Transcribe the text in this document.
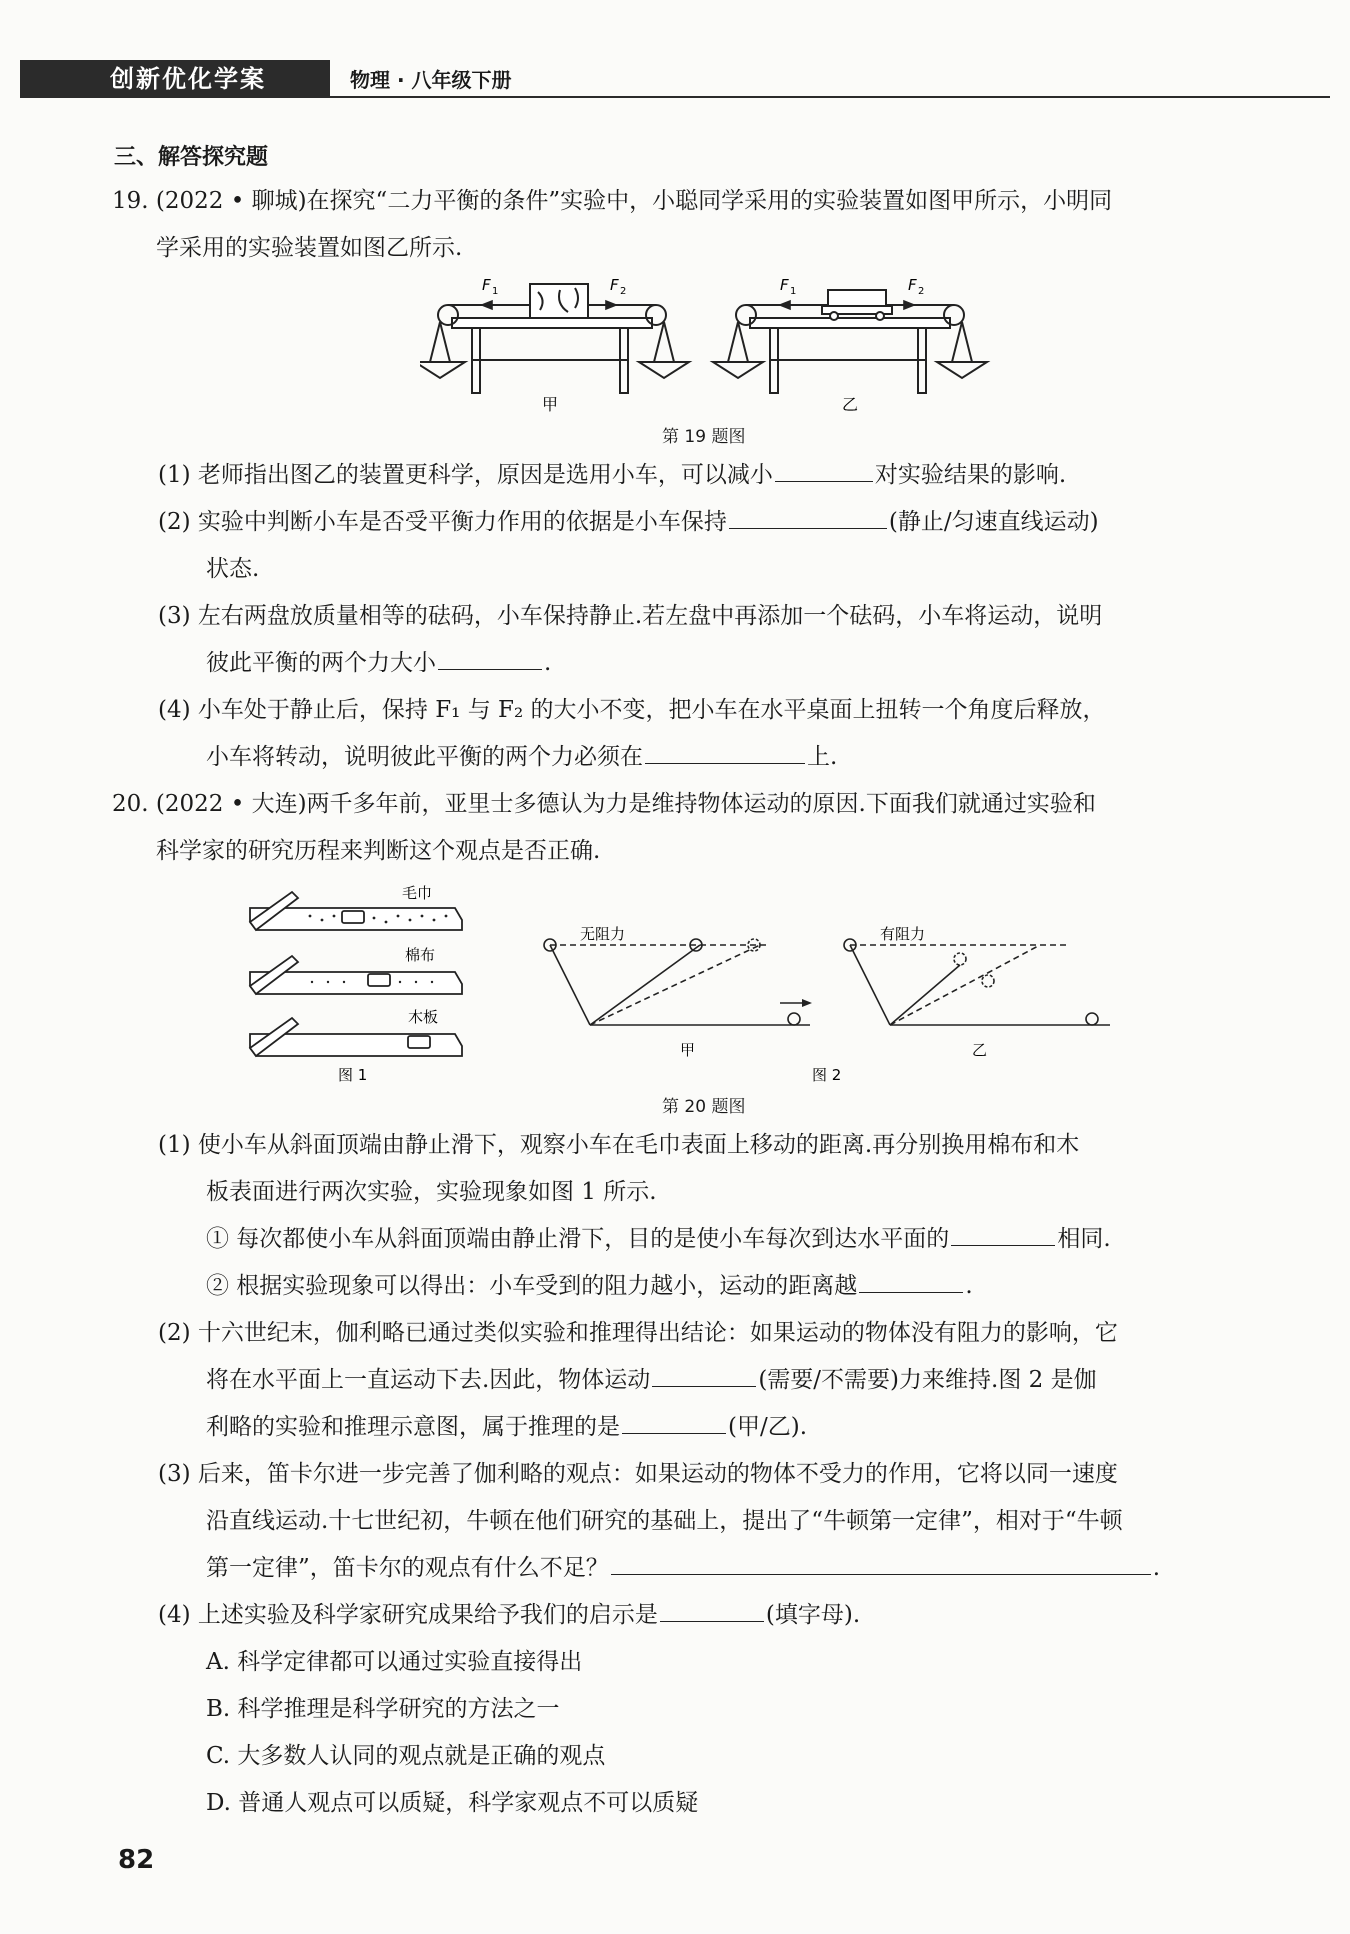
创新优化学案	物理 · 八年级下册
三、解答探究题
19. (2022 • 聊城)在探究“二力平衡的条件”实验中，小聪同学采用的实验装置如图甲所示，小明同
学采用的实验装置如图乙所示.
F 1	F 2	F 1	F 2
甲	乙
第 19 题图
(1) 老师指出图乙的装置更科学，原因是选用小车，可以减小	对实验结果的影响.
(2) 实验中判断小车是否受平衡力作用的依据是小车保持	(静止/匀速直线运动)
状态.
(3) 左右两盘放质量相等的砝码，小车保持静止.若左盘中再添加一个砝码，小车将运动，说明
彼此平衡的两个力大小	.
(4) 小车处于静止后，保持 F₁ 与 F₂ 的大小不变，把小车在水平桌面上扭转一个角度后释放，
小车将转动，说明彼此平衡的两个力必须在	上.
20. (2022 • 大连)两千多年前，亚里士多德认为力是维持物体运动的原因.下面我们就通过实验和
科学家的研究历程来判断这个观点是否正确.
毛巾
棉布
木板
图 1
无阻力	有阻力
甲	乙
图 2
第 20 题图
(1) 使小车从斜面顶端由静止滑下，观察小车在毛巾表面上移动的距离.再分别换用棉布和木
板表面进行两次实验，实验现象如图 1 所示.
① 每次都使小车从斜面顶端由静止滑下，目的是使小车每次到达水平面的	相同.
② 根据实验现象可以得出：小车受到的阻力越小，运动的距离越	.
(2) 十六世纪末，伽利略已通过类似实验和推理得出结论：如果运动的物体没有阻力的影响，它
将在水平面上一直运动下去.因此，物体运动	(需要/不需要)力来维持.图 2 是伽
利略的实验和推理示意图，属于推理的是	(甲/乙).
(3) 后来，笛卡尔进一步完善了伽利略的观点：如果运动的物体不受力的作用，它将以同一速度
沿直线运动.十七世纪初，牛顿在他们研究的基础上，提出了“牛顿第一定律”，相对于“牛顿
第一定律”，笛卡尔的观点有什么不足？	.
(4) 上述实验及科学家研究成果给予我们的启示是	(填字母).
A. 科学定律都可以通过实验直接得出
B. 科学推理是科学研究的方法之一
C. 大多数人认同的观点就是正确的观点
D. 普通人观点可以质疑，科学家观点不可以质疑
82
